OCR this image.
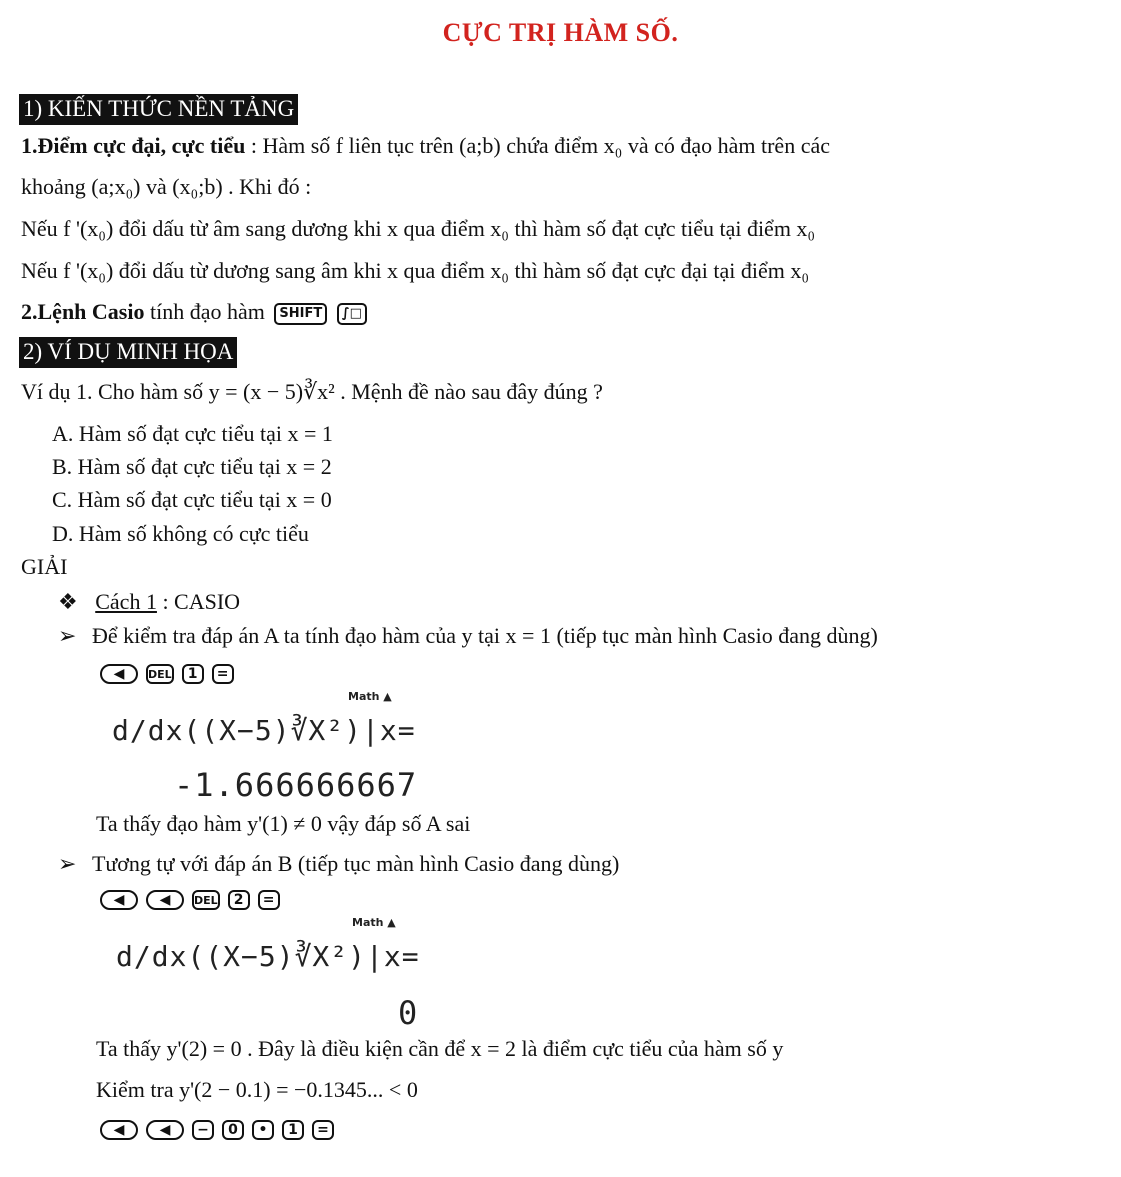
CỰC TRỊ HÀM SỐ.
1) KIẾN THỨC NỀN TẢNG
1.Điểm cực đại, cực tiểu : Hàm số f liên tục trên (a;b) chứa điểm x₀ và có đạo hàm trên các
khoảng (a;x₀) và (x₀;b) . Khi đó :
Nếu f '(x₀) đổi dấu từ âm sang dương khi x qua điểm x₀ thì hàm số đạt cực tiểu tại điểm x₀
Nếu f '(x₀) đổi dấu từ dương sang âm khi x qua điểm x₀ thì hàm số đạt cực đại tại điểm x₀
2.Lệnh Casio tính đạo hàm SHIFT ∫□
2) VÍ DỤ MINH HỌA
Ví dụ 1. Cho hàm số y = (x − 5)∛x² . Mệnh đề nào sau đây đúng ?
A. Hàm số đạt cực tiểu tại x = 1
B. Hàm số đạt cực tiểu tại x = 2
C. Hàm số đạt cực tiểu tại x = 0
D. Hàm số không có cực tiểu
GIẢI
❖ Cách 1 : CASIO
➢ Để kiểm tra đáp án A ta tính đạo hàm của y tại x = 1 (tiếp tục màn hình Casio đang dùng)
◀	DEL	1	=
Math ▲
d/dx((X−5)∛X²)|x=
-1.666666667
Ta thấy đạo hàm y'(1) ≠ 0 vậy đáp số A sai
➢ Tương tự với đáp án B (tiếp tục màn hình Casio đang dùng)
◀	◀	DEL	2	=
Math ▲
d/dx((X−5)∛X²)|x=
0
Ta thấy y'(2) = 0 . Đây là điều kiện cần để x = 2 là điểm cực tiểu của hàm số y
Kiểm tra y'(2 − 0.1) = −0.1345... < 0
◀	◀	−	0	•	1	=
